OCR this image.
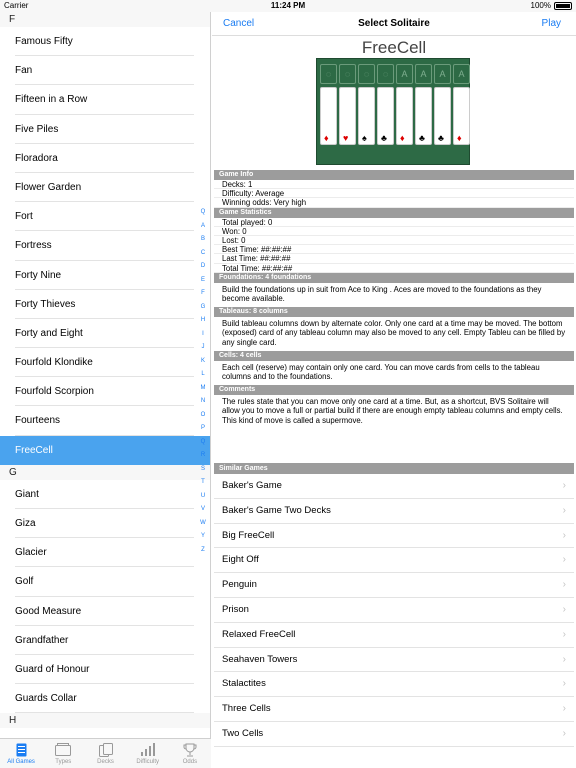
Carrier	11:24 PM	100%
F
Famous Fifty
Fan
Fifteen in a Row
Five Piles
Floradora
Flower Garden
Fort
Fortress
Forty Nine
Forty Thieves
Forty and Eight
Fourfold Klondike
Fourfold Scorpion
Fourteens
FreeCell
G
Giant
Giza
Glacier
Golf
Good Measure
Grandfather
Guard of Honour
Guards Collar
H
Q
A
B
C
D
E
F
G
H
I
J
K
L
M
N
O
P
Q
R
S
T
U
V
W
Y
Z
All Games	Types	Decks	Difficulty	Odds
Cancel	Select Solitaire	Play
FreeCell
◌	◌	◌	◌	A	A	A	A
♦ ♥ ♠ ♣ ♦ ♣ ♣ ♦
Game Info
Decks: 1
Difficulty: Average
Winning odds: Very high
Game Statistics
Total played: 0
Won: 0
Lost: 0
Best Time: ##:##:##
Last Time: ##:##:##
Total Time: ##:##:##
Foundations: 4 foundations
Build the foundations up in suit from Ace to King . Aces are moved to the foundations as they become available.
Tableaus: 8 columns
Build tableau columns down by alternate color. Only one card at a time may be moved. The bottom (exposed) card of any tableau column may also be moved to any cell. Empty Tableu can be filled by any single card.
Cells: 4 cells
Each cell (reserve) may contain only one card. You can move cards from cells to the tableau columns and to the foundations.
Comments
The rules state that you can move only one card at a time. But, as a shortcut, BVS Solitaire will allow you to move a full or partial build if there are enough empty tableau columns and empty cells. This kind of move is called a supermove.
Similar Games
Baker's Game	›
Baker's Game Two Decks	›
Big FreeCell	›
Eight Off	›
Penguin	›
Prison	›
Relaxed FreeCell	›
Seahaven Towers	›
Stalactites	›
Three Cells	›
Two Cells	›
